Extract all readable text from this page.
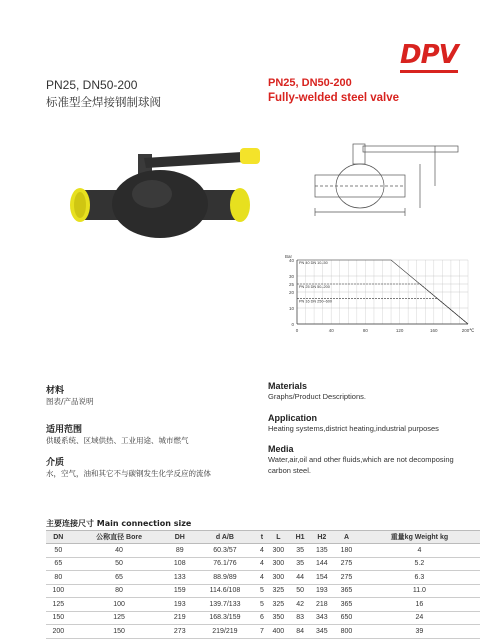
DPV
PN25, DN50-200
标准型全焊接钢制球阀
PN25, DN50-200
Fully-welded steel valve
0
10
20
25
30
40
0	40	80	120	160	200℃
Bar
PN 40 DN 10–50
PN 25 DN 50–200
PN 16 DN 250–600
材料
图表/产品说明
适用范围
供暖系统、区域供热、工业用途、城市燃气
介质
水，空气，油和其它不与碳钢发生化学反应的流体
Materials
Graphs/Product Descriptions.
Application
Heating systems,district heating,industrial purposes
Media
Water,air,oil and other fluids,which are not decomposing carbon steel.
主要连接尺寸 Main connection size
DN	公称直径 Bore	DH	d A/B	t	L	H1	H2	A	重量kg Weight kg
50	40	89	60.3/57	4	300	35	135	180	4
65	50	108	76.1/76	4	300	35	144	275	5.2
80	65	133	88.9/89	4	300	44	154	275	6.3
100	80	159	114.6/108	5	325	50	193	365	11.0
125	100	193	139.7/133	5	325	42	218	365	16
150	125	219	168.3/159	6	350	83	343	650	24
200	150	273	219/219	7	400	84	345	800	39
